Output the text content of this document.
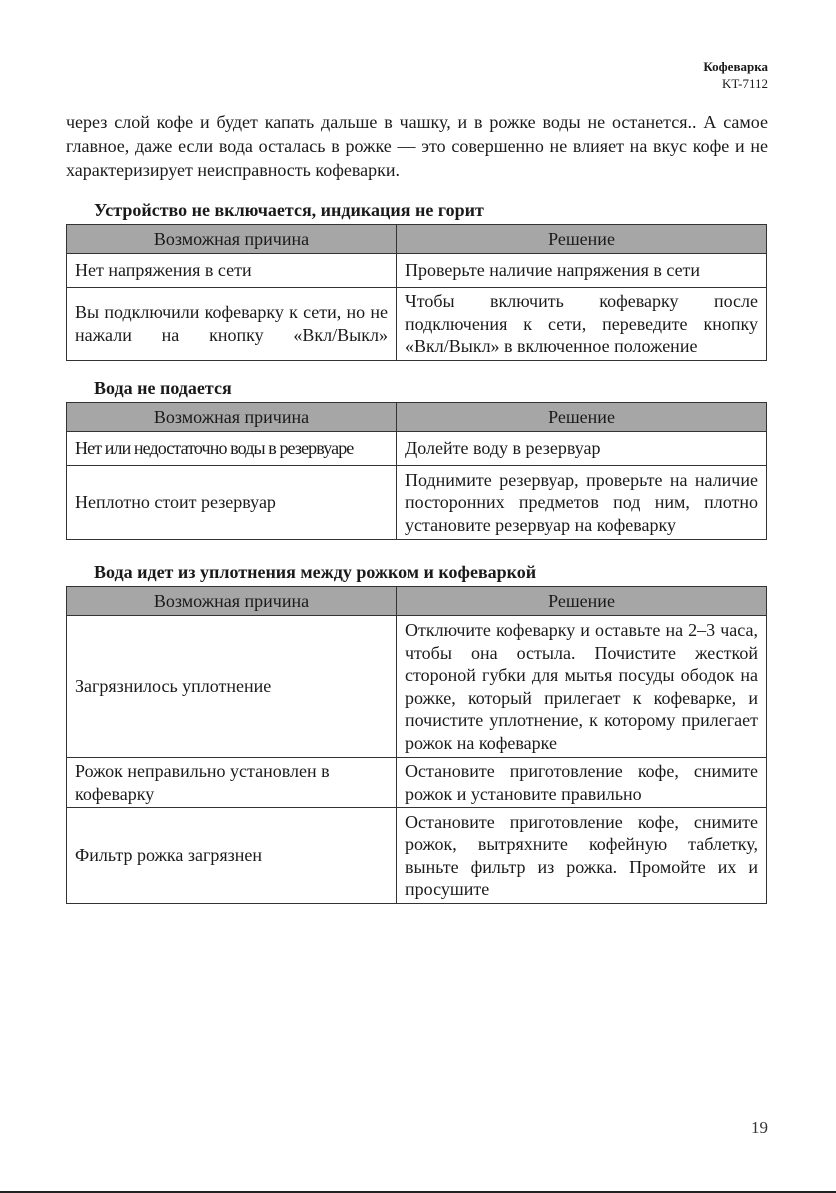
Кофеварка
KT-7112

через слой кофе и будет капать дальше в чашку, и в рожке воды не останется.. А самое главное, даже если вода осталась в рожке — это совершенно не влияет на вкус кофе и не характеризирует неисправность кофеварки.

Устройство не включается, индикация не горит
Возможная причина	Решение
Нет напряжения в сети	Проверьте наличие напряжения в сети
Вы подключили кофеварку к сети, но не нажали на кнопку «Вкл/Выкл»	Чтобы включить кофеварку после подключения к сети, переведите кнопку «Вкл/Выкл» в включенное положение
Вода не подается
Возможная причина	Решение
Нет или недостаточно воды в резервуаре	Долейте воду в резервуар
Неплотно стоит резервуар	Поднимите резервуар, проверьте на наличие посторонних предметов под ним, плотно установите резервуар на кофеварку
Вода идет из уплотнения между рожком и кофеваркой
Возможная причина	Решение
Загрязнилось уплотнение	Отключите кофеварку и оставьте на 2–3 часа, чтобы она остыла. Почистите жесткой стороной губки для мытья посуды ободок на рожке, который прилегает к кофеварке, и почистите уплотнение, к которому прилегает рожок на кофеварке
Рожок неправильно установлен в кофеварку	Остановите приготовление кофе, снимите рожок и установите правильно
Фильтр рожка загрязнен	Остановите приготовление кофе, снимите рожок, вытряхните кофейную таблетку, выньте фильтр из рожка. Промойте их и просушите
19
